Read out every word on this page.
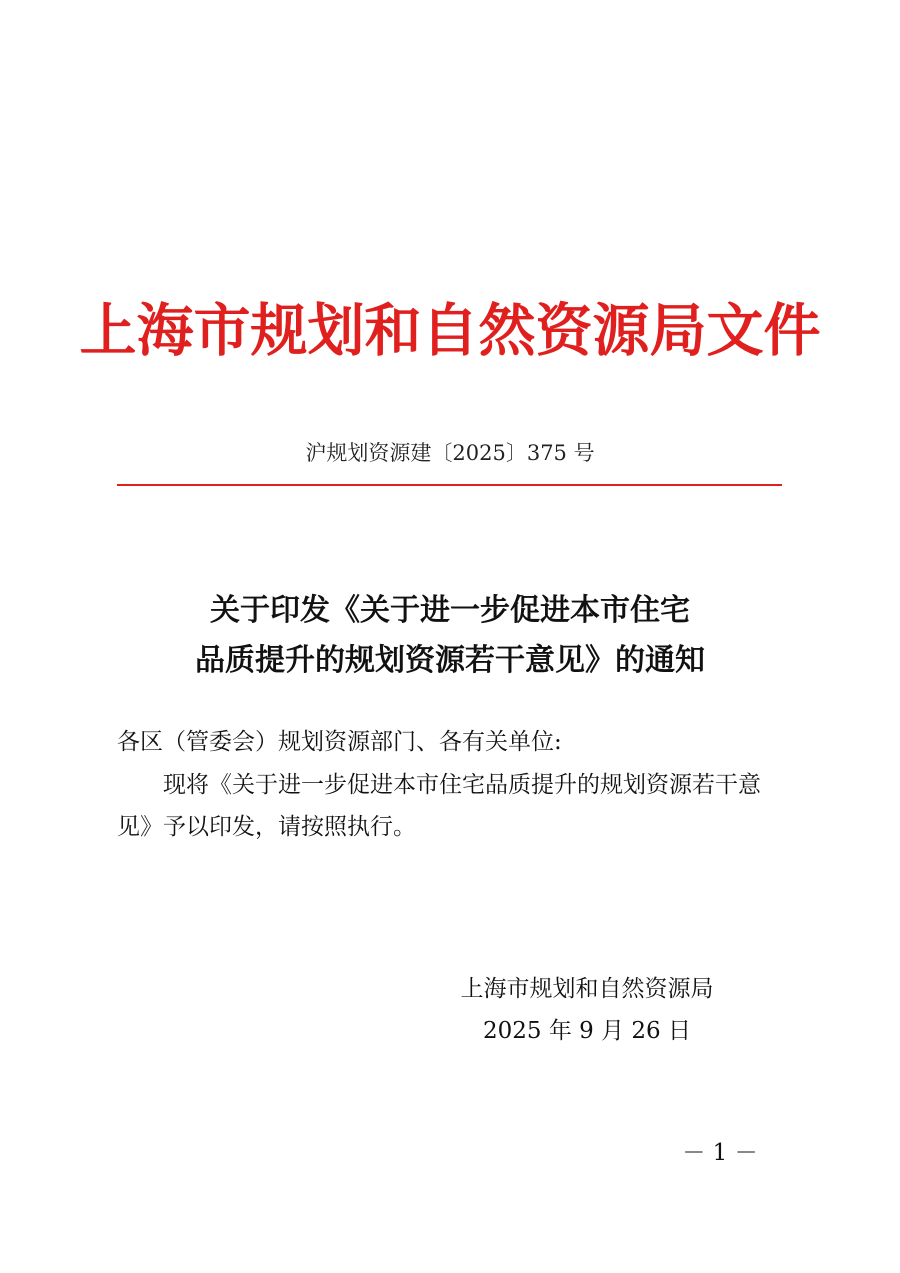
上海市规划和自然资源局文件
沪规划资源建〔2025〕375 号
关于印发《关于进一步促进本市住宅
品质提升的规划资源若干意见》的通知
各区（管委会）规划资源部门、各有关单位:
现将《关于进一步促进本市住宅品质提升的规划资源若干意
见》予以印发，请按照执行。
上海市规划和自然资源局
2025 年 9 月 26 日
－ 1 －
